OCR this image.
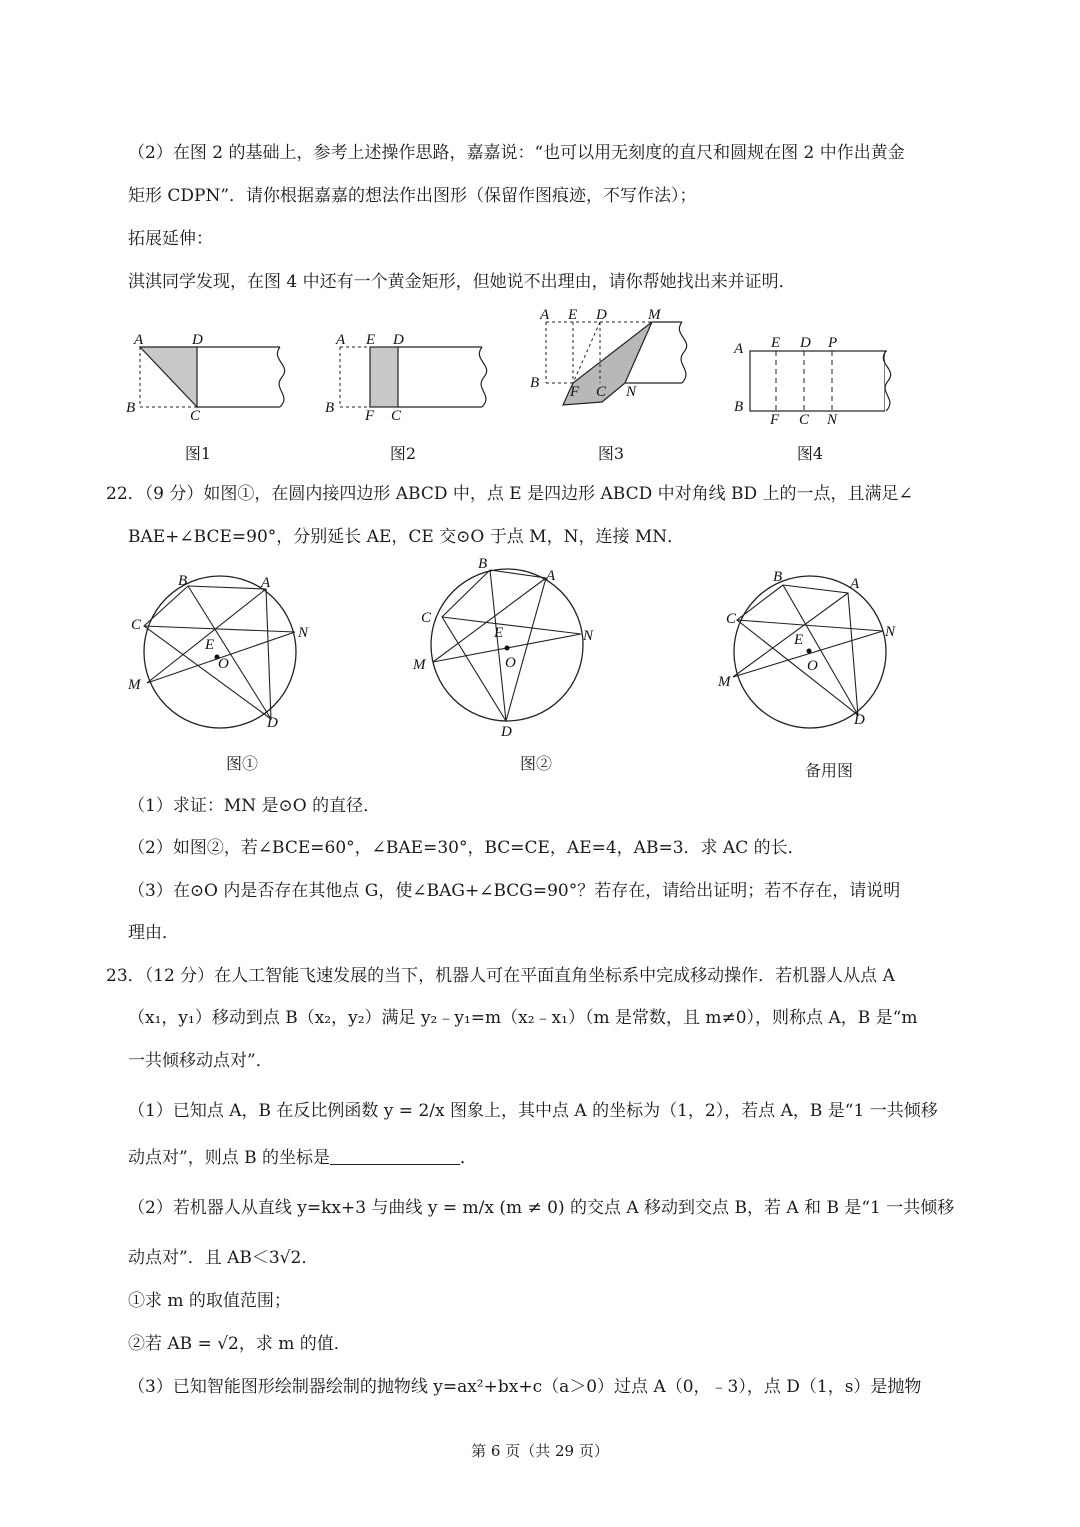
（2）在图 2 的基础上，参考上述操作思路，嘉嘉说：“也可以用无刻度的直尺和圆规在图 2 中作出黄金
矩形 CDPN”．请你根据嘉嘉的想法作出图形（保留作图痕迹，不写作法）；
拓展延伸：
淇淇同学发现，在图 4 中还有一个黄金矩形，但她说不出理由，请你帮她找出来并证明．
A	D
B	C
A E D
B F C
A E D	M
B
F C N
A E D P
B
F C N
图1	图2	图3	图4
22．（9 分）如图①，在圆内接四边形 ABCD 中，点 E 是四边形 ABCD 中对角线 BD 上的一点，且满足∠
BAE+∠BCE=90°，分别延长 AE，CE 交⊙O 于点 M，N，连接 MN．
B	A
C	N
E
O
M
D
B
A
C
N
E
O
M
D
B	A
C
N
E
O
M
D
图①	图②	备用图
（1）求证：MN 是⊙O 的直径．
（2）如图②，若∠BCE=60°，∠BAE=30°，BC=CE，AE=4，AB=3．求 AC 的长．
（3）在⊙O 内是否存在其他点 G，使∠BAG+∠BCG=90°？若存在，请给出证明；若不存在，请说明
理由．
23．（12 分）在人工智能飞速发展的当下，机器人可在平面直角坐标系中完成移动操作．若机器人从点 A
（x₁，y₁）移动到点 B（x₂，y₂）满足 y₂﹣y₁=m（x₂﹣x₁）（m 是常数，且 m≠0），则称点 A，B 是“m
一共倾移动点对”．
（1）已知点 A，B 在反比例函数 y = 2/x 图象上，其中点 A 的坐标为（1，2），若点 A，B 是“1 一共倾移
动点对”，则点 B 的坐标是	．
（2）若机器人从直线 y=kx+3 与曲线 y = m/x (m ≠ 0) 的交点 A 移动到交点 B，若 A 和 B 是“1 一共倾移
动点对”．且 AB＜3√2．
①求 m 的取值范围；
②若 AB = √2，求 m 的值．
（3）已知智能图形绘制器绘制的抛物线 y=ax²+bx+c（a＞0）过点 A（0，﹣3），点 D（1，s）是抛物
第 6 页（共 29 页）
